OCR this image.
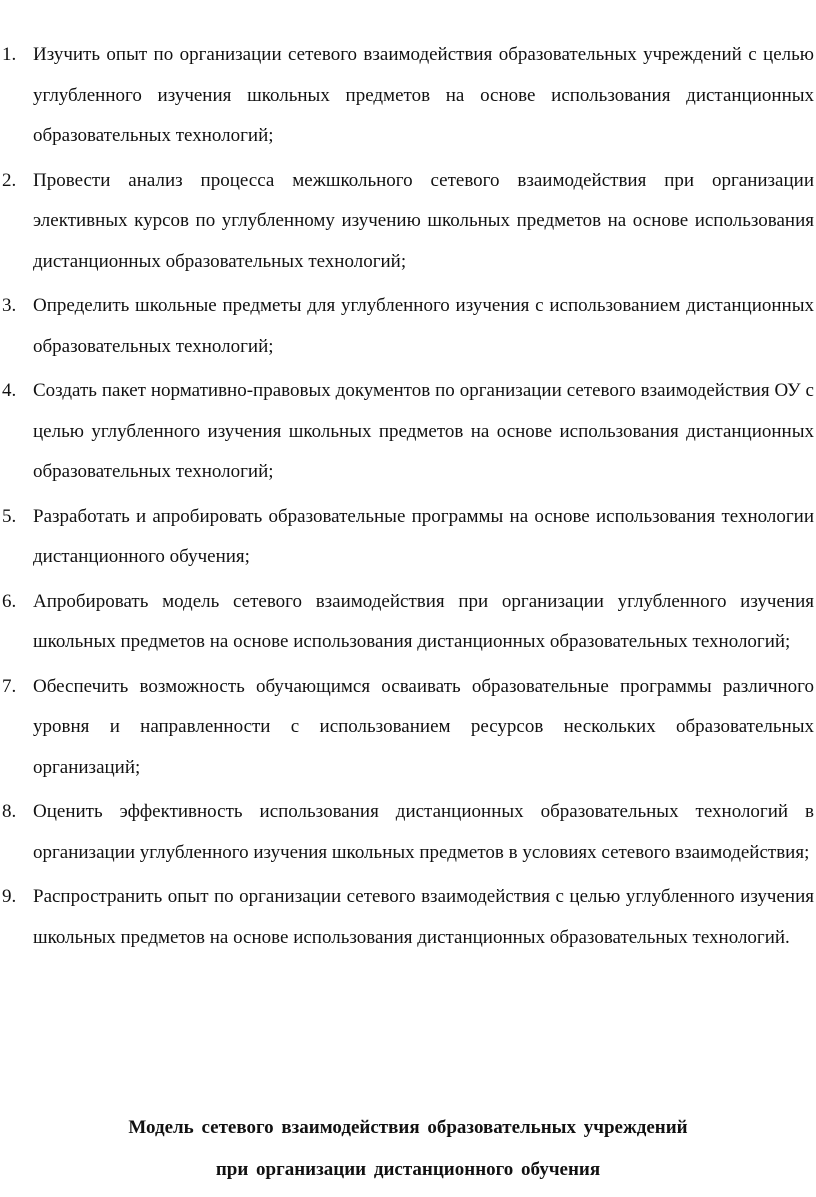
1. Изучить опыт по организации сетевого взаимодействия образовательных учреждений с целью углубленного изучения школьных предметов на основе использования дистанционных образовательных технологий;
2. Провести анализ процесса межшкольного сетевого взаимодействия при организации элективных курсов по углубленному изучению школьных предметов на основе использования дистанционных образовательных технологий;
3. Определить школьные предметы для углубленного изучения с использованием дистанционных образовательных технологий;
4. Создать пакет нормативно-правовых документов по организации сетевого взаимодействия ОУ с целью углубленного изучения школьных предметов на основе использования дистанционных образовательных технологий;
5. Разработать и апробировать образовательные программы на основе использования технологии дистанционного обучения;
6. Апробировать модель сетевого взаимодействия при организации углубленного изучения школьных предметов на основе использования дистанционных образовательных технологий;
7. Обеспечить возможность обучающимся осваивать образовательные программы различного уровня и направленности с использованием ресурсов нескольких образовательных организаций;
8. Оценить эффективность использования дистанционных образовательных технологий в организации углубленного изучения школьных предметов в условиях сетевого взаимодействия;
9. Распространить опыт по организации сетевого взаимодействия с целью углубленного изучения школьных предметов на основе использования дистанционных образовательных технологий.
Модель сетевого взаимодействия образовательных учреждений
при организации дистанционного обучения
